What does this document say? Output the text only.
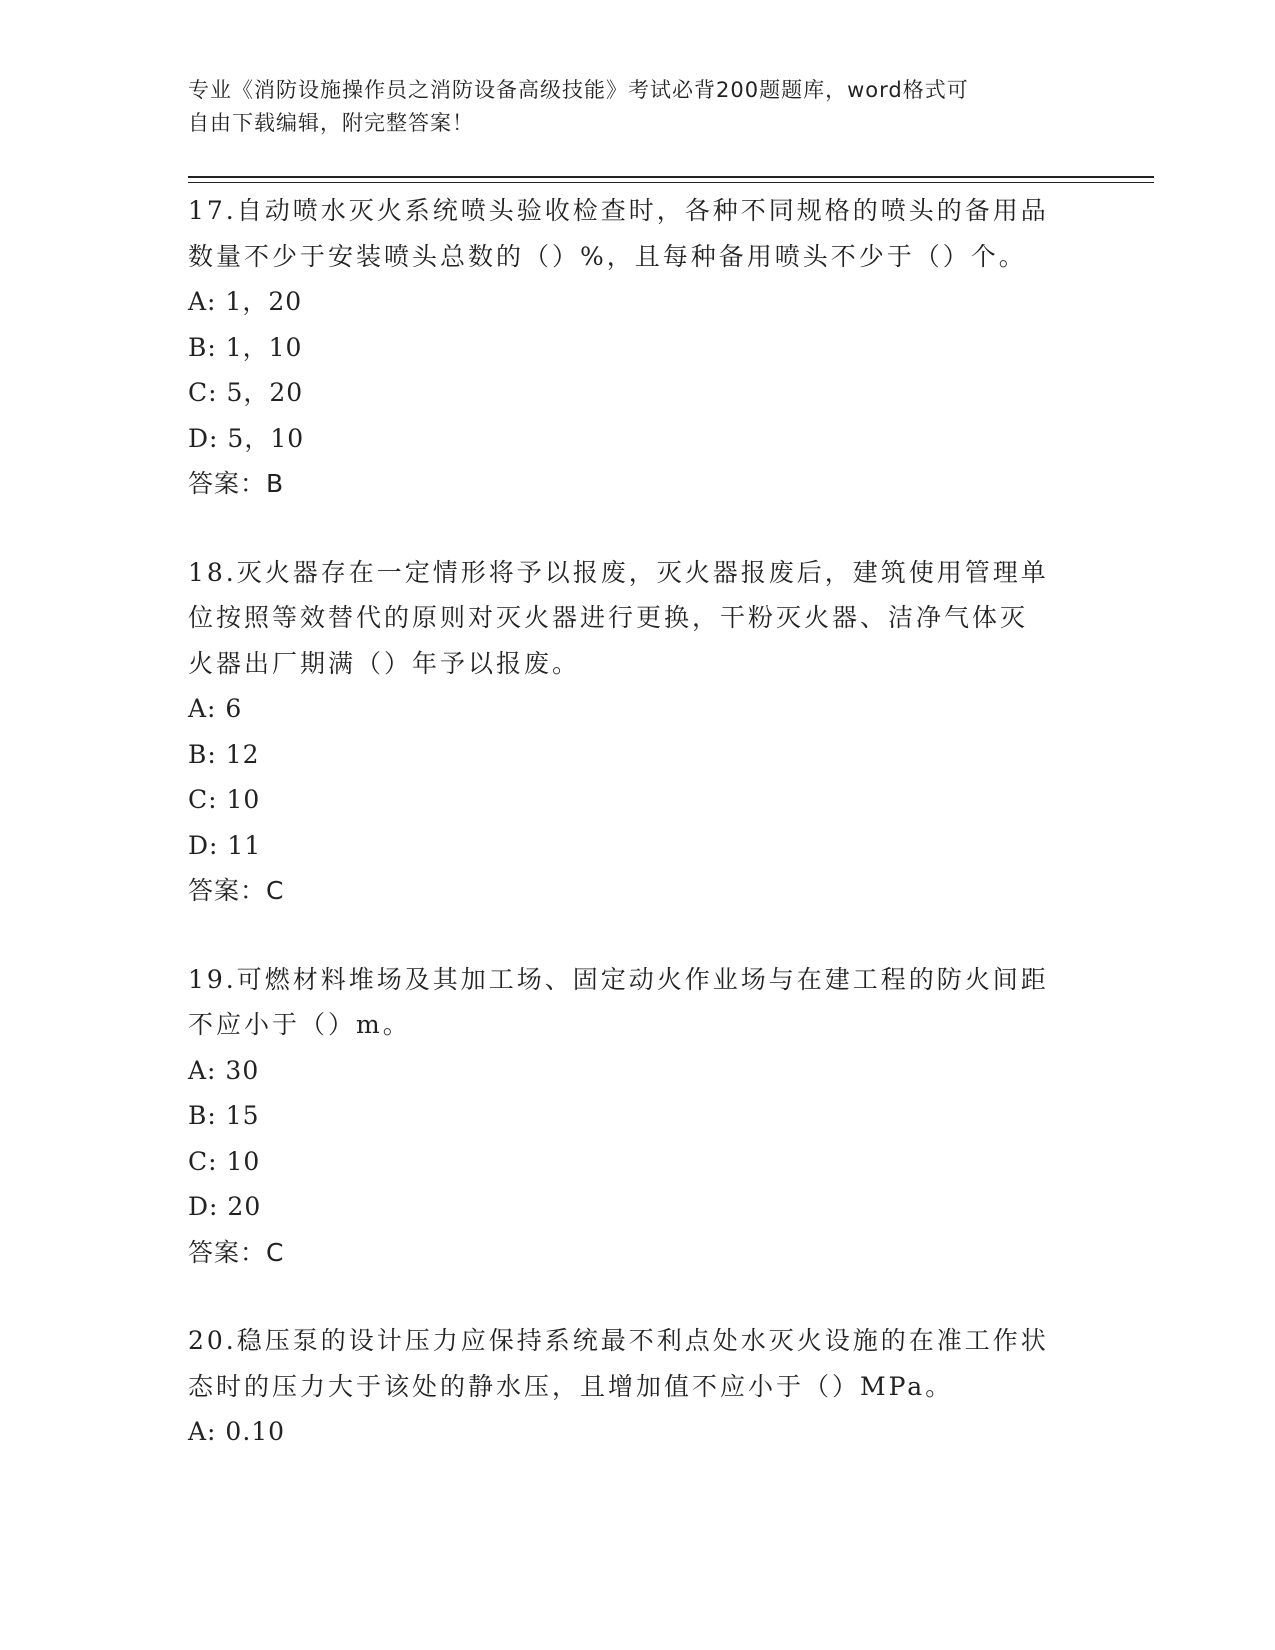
专业《消防设施操作员之消防设备高级技能》考试必背200题题库，word格式可
自由下载编辑，附完整答案！

17.自动喷水灭火系统喷头验收检查时，各种不同规格的喷头的备用品

数量不少于安装喷头总数的（）%，且每种备用喷头不少于（）个。

A: 1，20

B: 1，10

C: 5，20

D: 5，10

答案：B

18.灭火器存在一定情形将予以报废，灭火器报废后，建筑使用管理单

位按照等效替代的原则对灭火器进行更换，干粉灭火器、洁净气体灭

火器出厂期满（）年予以报废。

A: 6

B: 12

C: 10

D: 11

答案：C

19.可燃材料堆场及其加工场、固定动火作业场与在建工程的防火间距

不应小于（）m。

A: 30

B: 15

C: 10

D: 20

答案：C

20.稳压泵的设计压力应保持系统最不利点处水灭火设施的在准工作状

态时的压力大于该处的静水压，且增加值不应小于（）MPa。

A: 0.10
